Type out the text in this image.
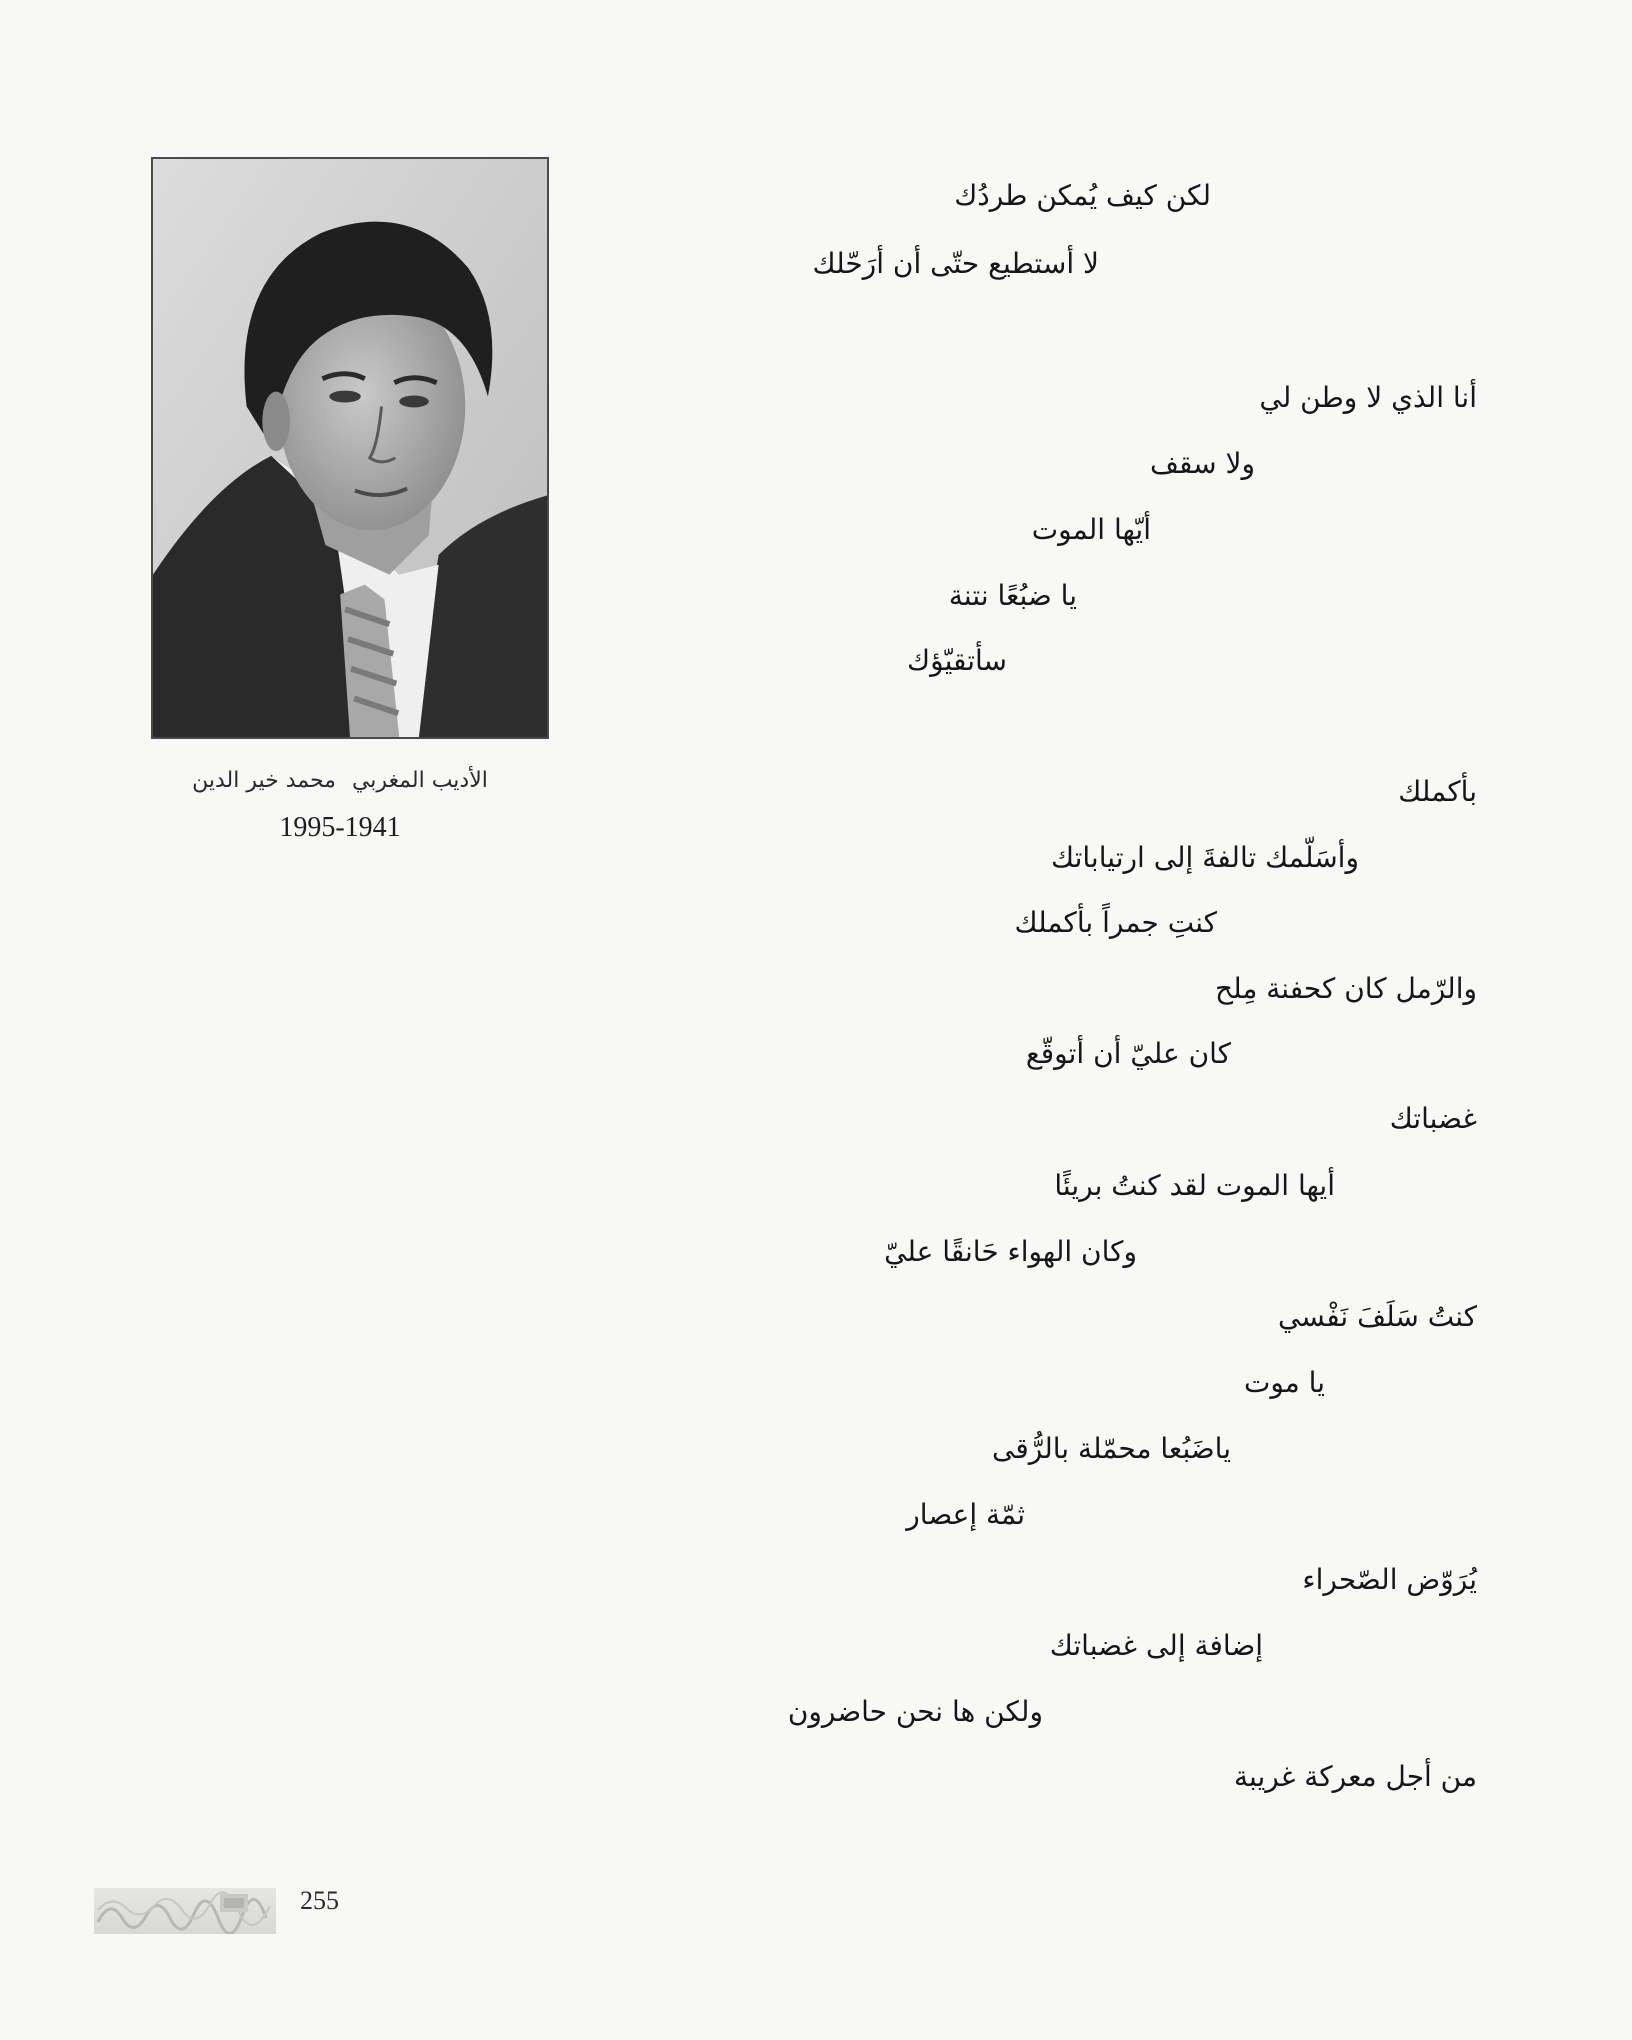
الأديب المغربيمحمد خير الدين
1995-1941
لكن كيف يُمكن طردُك
لا أستطيع حتّى أن أرَحّلك
أنا الذي لا وطن لي
ولا سقف
أيّها الموت
يا ضبُعًا نتنة
سأتقيّؤك
بأكملك
وأسَلّمك تالفةَ إلى ارتياباتك
كنتِ جمراً بأكملك
والرّمل كان كحفنة مِلح
كان عليّ أن أتوقّع
غضباتك
أيها الموت لقد كنتُ بريئًا
وكان الهواء حَانقًا عليّ
كنتُ سَلَفَ نَفْسي
يا موت
ياضَبُعا محمّلة بالرُّقى
ثمّة إعصار
يُرَوّض الصّحراء
إضافة إلى غضباتك
ولكن ها نحن حاضرون
من أجل معركة غريبة
255
